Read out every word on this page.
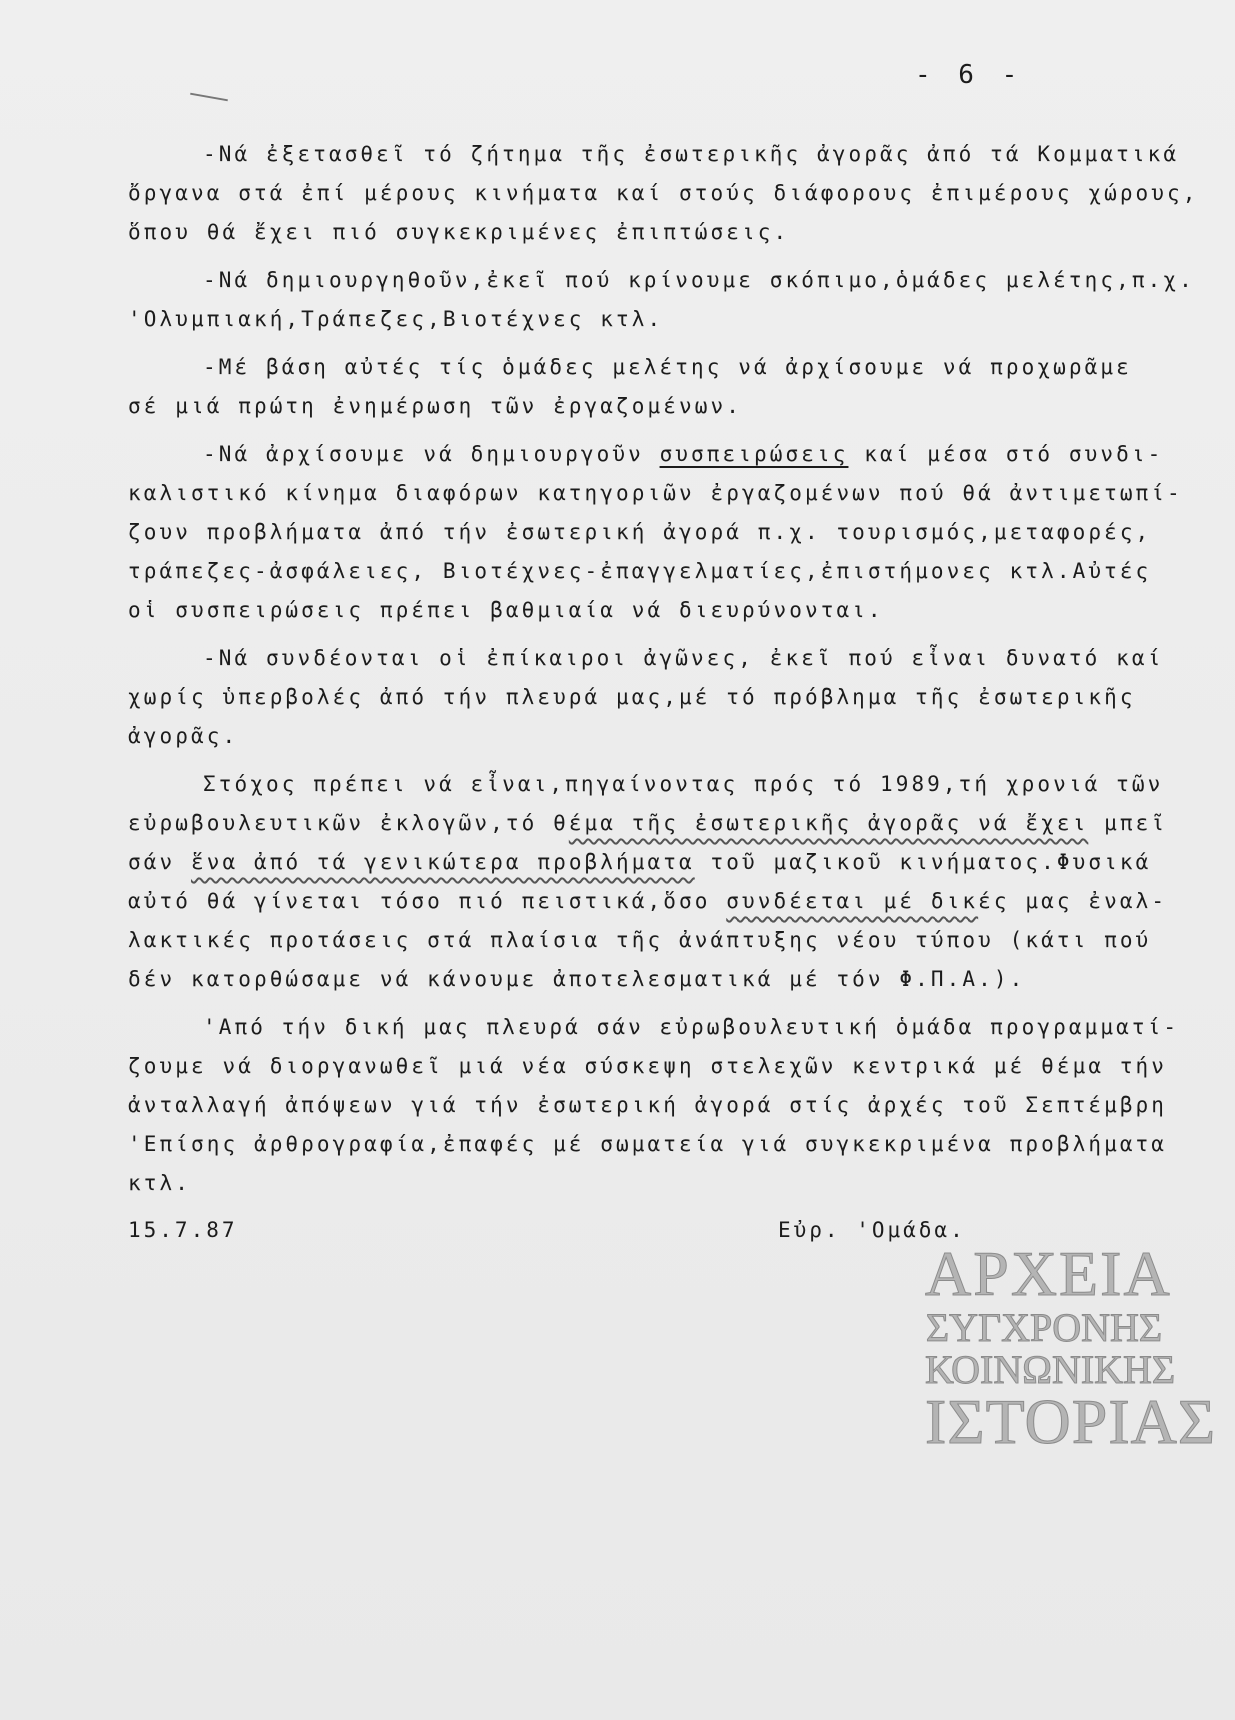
- 6 -
-Νά ἐξετασθεῖ τό ζήτημα τῆς ἐσωτερικῆς ἀγορᾶς ἀπό τά Κομματικά
ὄργανα στά ἐπί μέρους κινήματα καί στούς διάφορους ἐπιμέρους χώρους,
ὅπου θά ἔχει πιό συγκεκριμένες ἐπιπτώσεις.
-Νά δημιουργηθοῦν,ἐκεῖ πού κρίνουμε σκόπιμο,ὁμάδες μελέτης,π.χ.
'Ολυμπιακή,Τράπεζες,Βιοτέχνες κτλ.
-Μέ βάση αὐτές τίς ὁμάδες μελέτης νά ἀρχίσουμε νά προχωρᾶμε
σέ μιά πρώτη ἐνημέρωση τῶν ἐργαζομένων.
-Νά ἀρχίσουμε νά δημιουργοῦν συσπειρώσεις καί μέσα στό συνδι-
καλιστικό κίνημα διαφόρων κατηγοριῶν ἐργαζομένων πού θά ἀντιμετωπί-
ζουν προβλήματα ἀπό τήν ἐσωτερική ἀγορά π.χ. τουρισμός,μεταφορές,
τράπεζες-ἀσφάλειες, Βιοτέχνες-ἐπαγγελματίες,ἐπιστήμονες κτλ.Αὐτές
οἱ συσπειρώσεις πρέπει βαθμιαία νά διευρύνονται.
-Νά συνδέονται οἱ ἐπίκαιροι ἀγῶνες, ἐκεῖ πού εἶναι δυνατό καί
χωρίς ὑπερβολές ἀπό τήν πλευρά μας,μέ τό πρόβλημα τῆς ἐσωτερικῆς
ἀγορᾶς.
Στόχος πρέπει νά εἶναι,πηγαίνοντας πρός τό 1989,τή χρονιά τῶν
εὐρωβουλευτικῶν ἐκλογῶν,τό θέμα τῆς ἐσωτερικῆς ἀγορᾶς νά ἔχει μπεῖ
σάν ἕνα ἀπό τά γενικώτερα προβλήματα τοῦ μαζικοῦ κινήματος.Φυσικά
αὐτό θά γίνεται τόσο πιό πειστικά,ὅσο συνδέεται μέ δικές μας ἐναλ-
λακτικές προτάσεις στά πλαίσια τῆς ἀνάπτυξης νέου τύπου (κάτι πού
δέν κατορθώσαμε νά κάνουμε ἀποτελεσματικά μέ τόν Φ.Π.Α.).
'Από τήν δική μας πλευρά σάν εὐρωβουλευτική ὁμάδα προγραμματί-
ζουμε νά διοργανωθεῖ μιά νέα σύσκεψη στελεχῶν κεντρικά μέ θέμα τήν
ἀνταλλαγή ἀπόψεων γιά τήν ἐσωτερική ἀγορά στίς ἀρχές τοῦ Σεπτέμβρη
'Επίσης ἀρθρογραφία,ἐπαφές μέ σωματεία γιά συγκεκριμένα προβλήματα
κτλ.
15.7.87	Εὐρ. 'Ομάδα.
ΑΡΧΕΙΑ
ΣΥΓΧΡΟΝΗΣ
ΚΟΙΝΩΝΙΚΗΣ
ΙΣΤΟΡΙΑΣ
